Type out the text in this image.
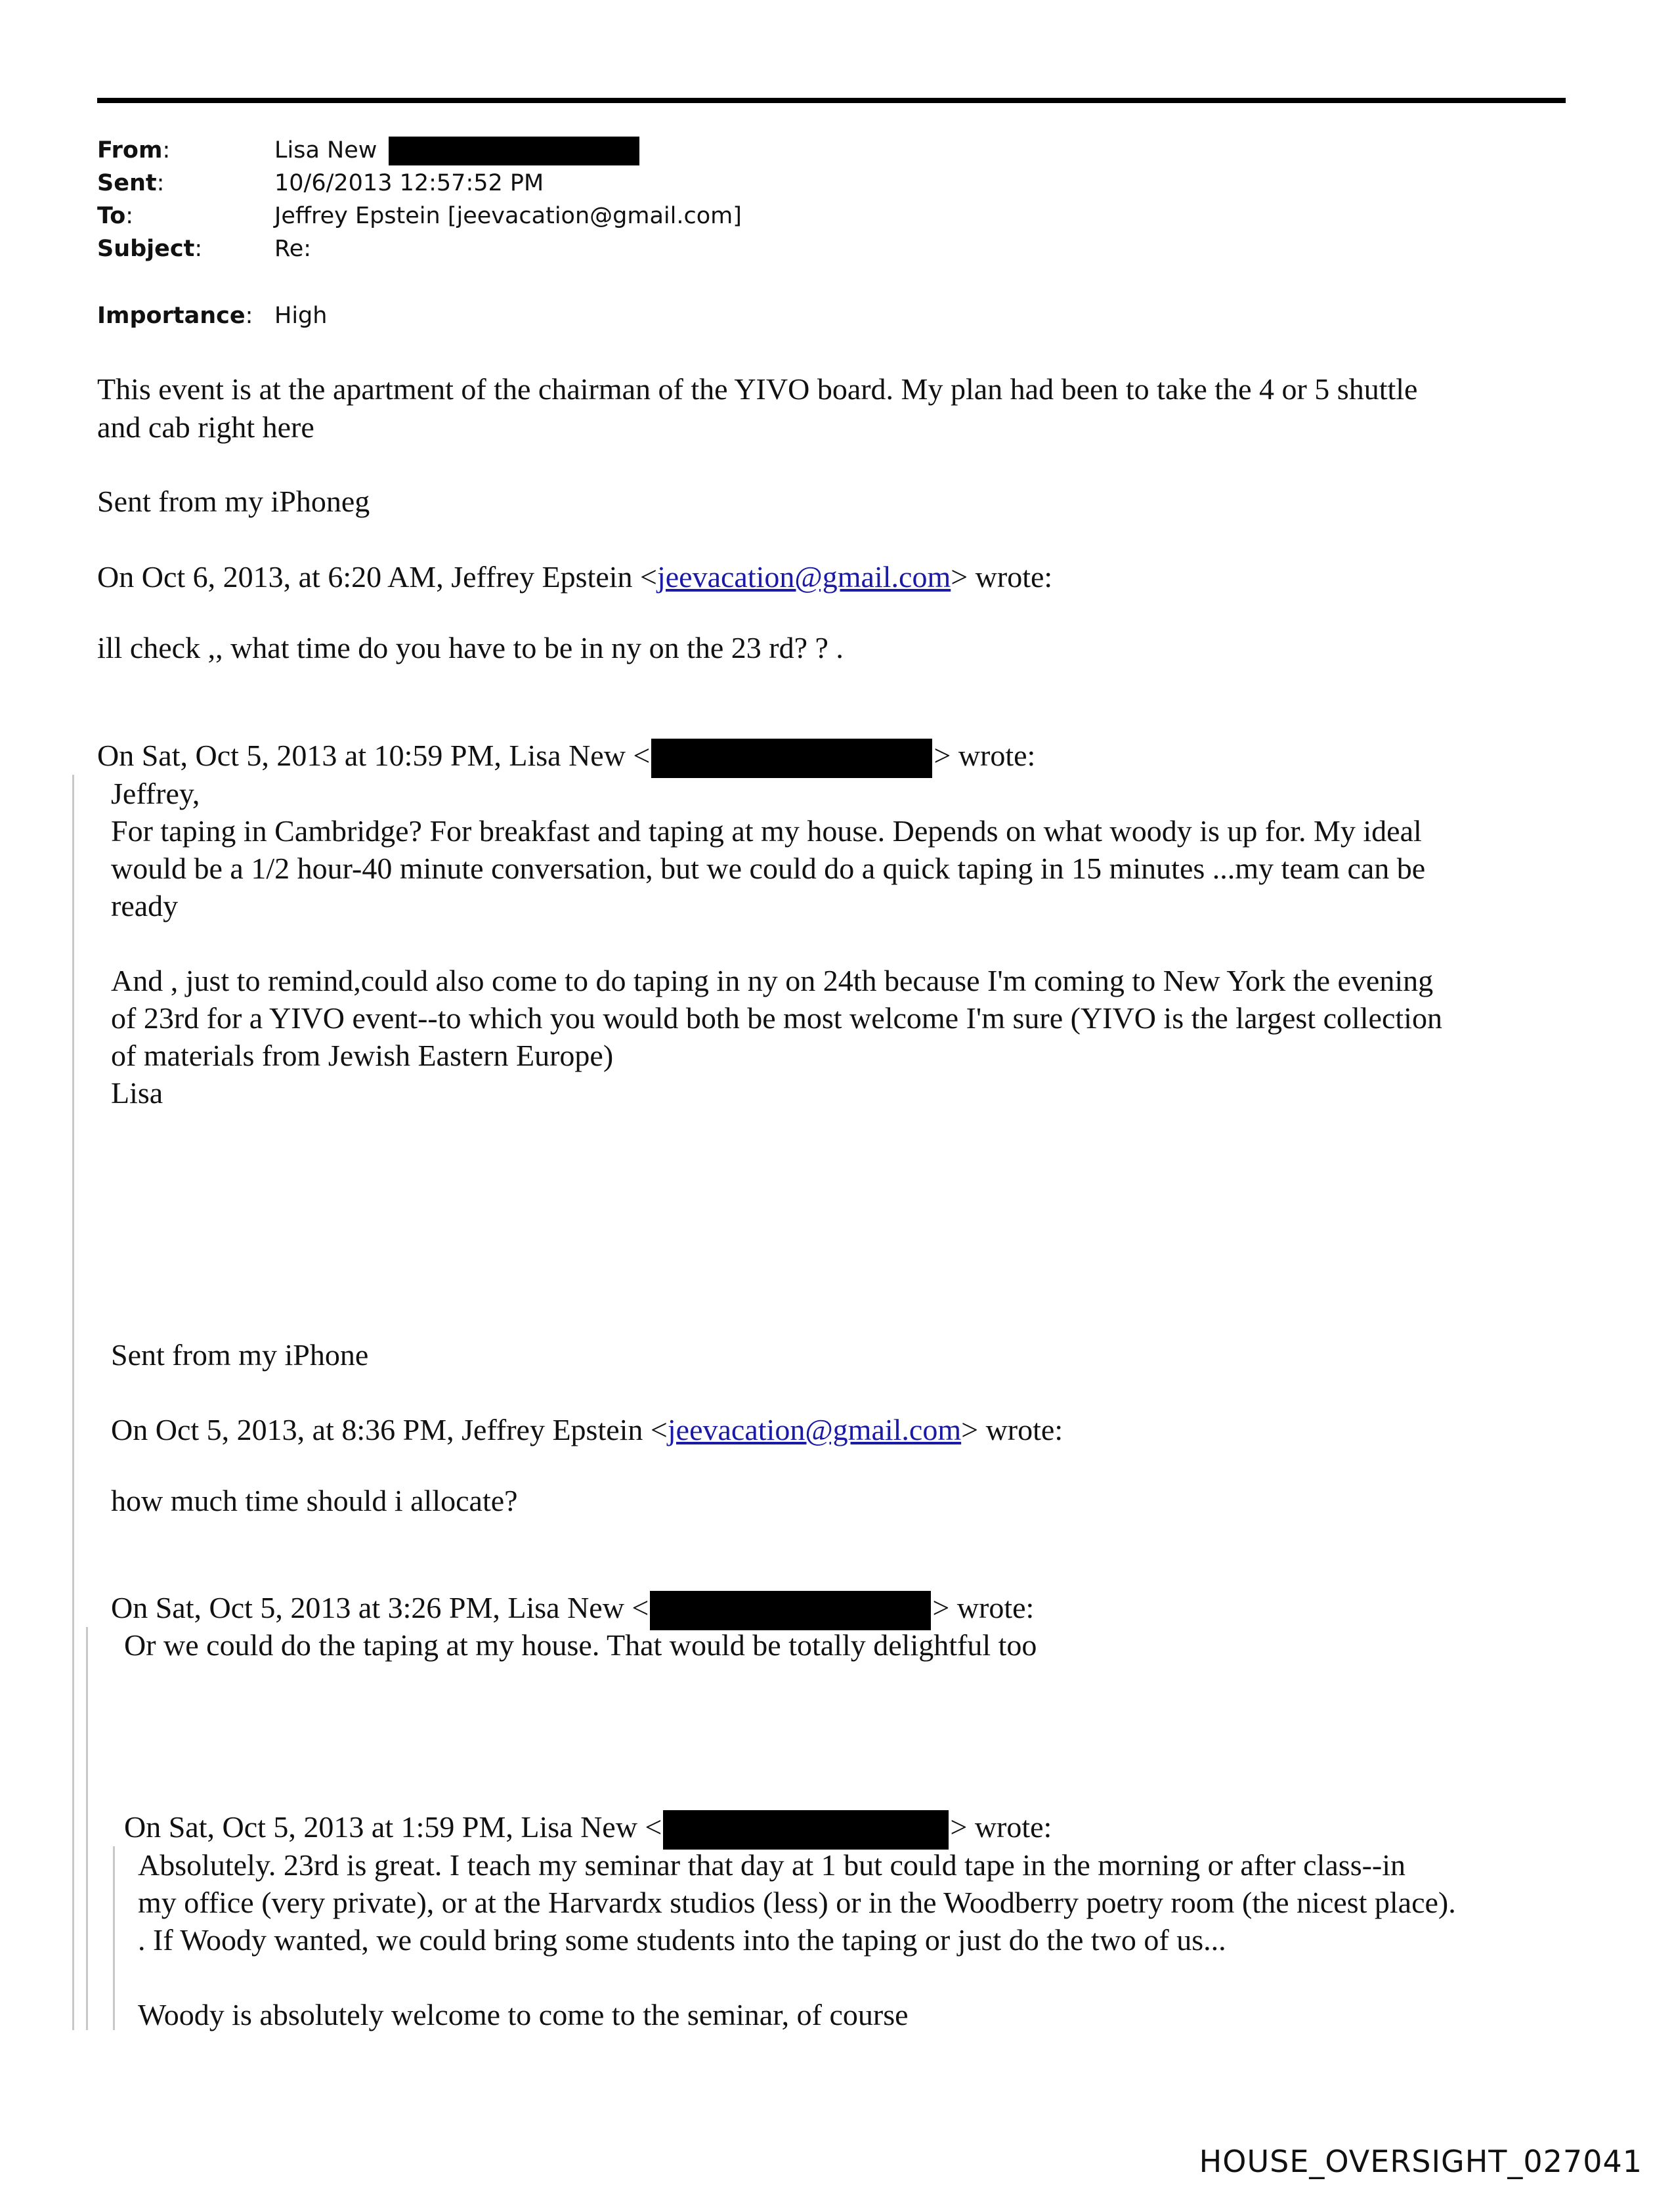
From:	Lisa New
Sent:	10/6/2013 12:57:52 PM
To:	Jeffrey Epstein [jeevacation@gmail.com]
Subject:	Re:
Importance: High
This event is at the apartment of the chairman of the YIVO board. My plan had been to take the 4 or 5 shuttle
and cab right here
Sent from my iPhoneg
On Oct 6, 2013, at 6:20 AM, Jeffrey Epstein <jeevacation@gmail.com> wrote:
ill check ,, what time do you have to be in ny on the 23 rd? ? .
On Sat, Oct 5, 2013 at 10:59 PM, Lisa New <	> wrote:
Jeffrey,
For taping in Cambridge? For breakfast and taping at my house. Depends on what woody is up for. My ideal
would be a 1/2 hour-40 minute conversation, but we could do a quick taping in 15 minutes ...my team can be
ready
And , just to remind,could also come to do taping in ny on 24th because I'm coming to New York the evening
of 23rd for a YIVO event--to which you would both be most welcome I'm sure (YIVO is the largest collection
of materials from Jewish Eastern Europe)
Lisa
Sent from my iPhone
On Oct 5, 2013, at 8:36 PM, Jeffrey Epstein <jeevacation@gmail.com> wrote:
how much time should i allocate?
On Sat, Oct 5, 2013 at 3:26 PM, Lisa New <	> wrote:
Or we could do the taping at my house. That would be totally delightful too
On Sat, Oct 5, 2013 at 1:59 PM, Lisa New <	> wrote:
Absolutely. 23rd is great. I teach my seminar that day at 1 but could tape in the morning or after class--in
my office (very private), or at the Harvardx studios (less) or in the Woodberry poetry room (the nicest place).
. If Woody wanted, we could bring some students into the taping or just do the two of us...
Woody is absolutely welcome to come to the seminar, of course
HOUSE_OVERSIGHT_027041
